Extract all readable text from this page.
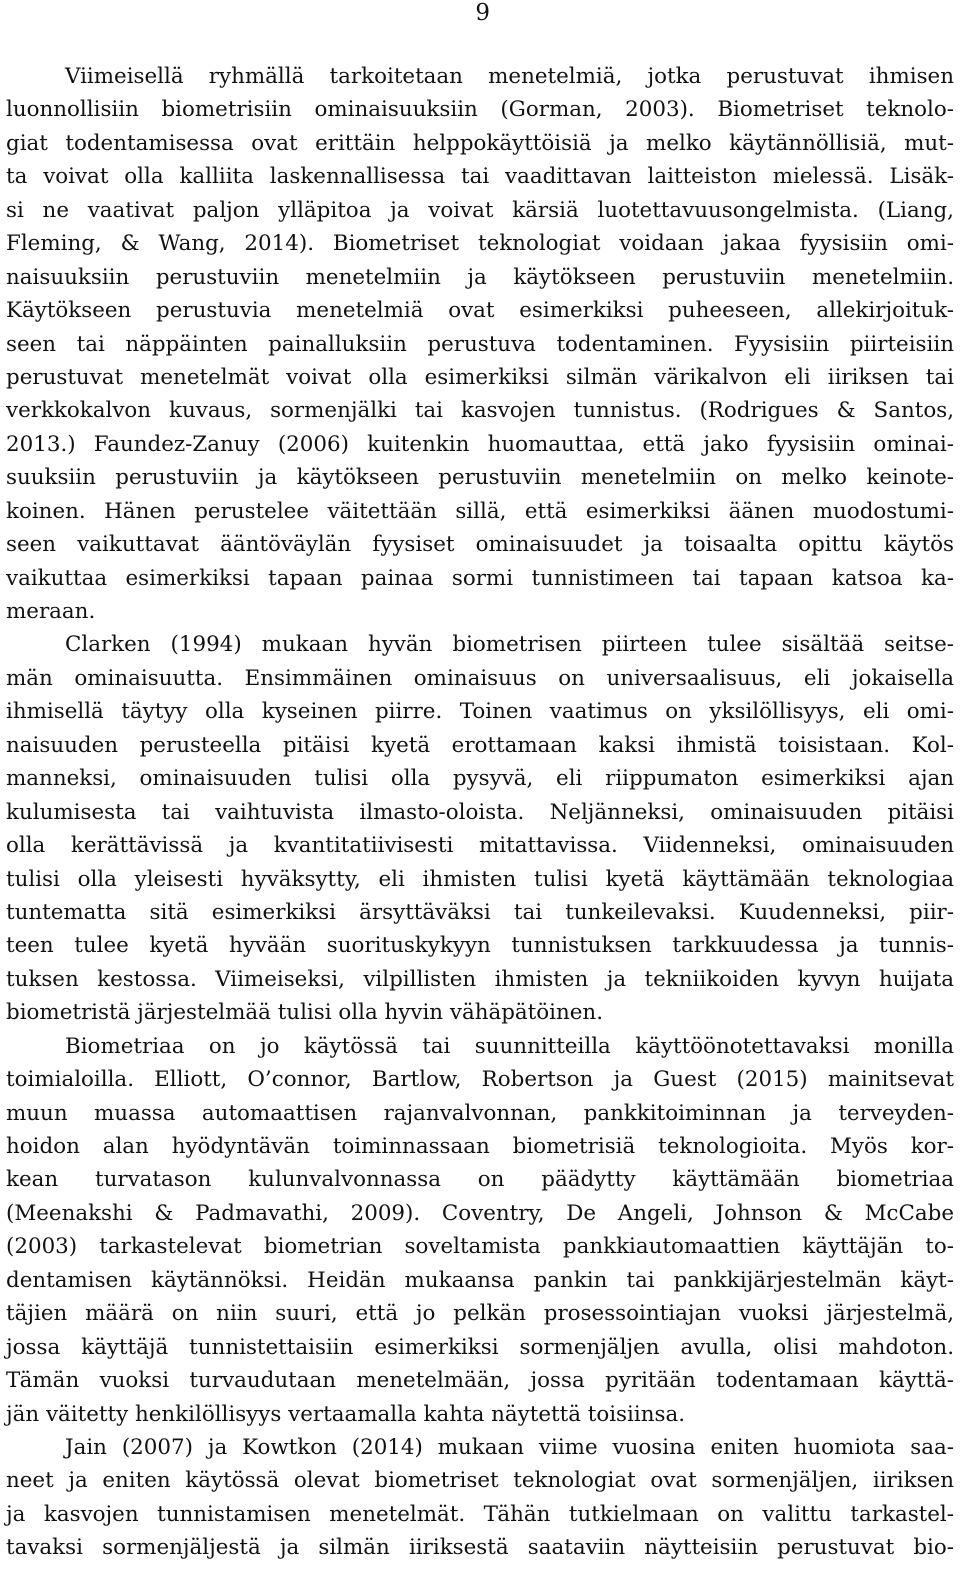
9
Viimeisellä ryhmällä tarkoitetaan menetelmiä, jotka perustuvat ihmisen
luonnollisiin biometrisiin ominaisuuksiin (Gorman, 2003). Biometriset teknolo-
giat todentamisessa ovat erittäin helppokäyttöisiä ja melko käytännöllisiä, mut-
ta voivat olla kalliita laskennallisessa tai vaadittavan laitteiston mielessä. Lisäk-
si ne vaativat paljon ylläpitoa ja voivat kärsiä luotettavuusongelmista. (Liang,
Fleming, & Wang, 2014). Biometriset teknologiat voidaan jakaa fyysisiin omi-
naisuuksiin perustuviin menetelmiin ja käytökseen perustuviin menetelmiin.
Käytökseen perustuvia menetelmiä ovat esimerkiksi puheeseen, allekirjoituk-
seen tai näppäinten painalluksiin perustuva todentaminen. Fyysisiin piirteisiin
perustuvat menetelmät voivat olla esimerkiksi silmän värikalvon eli iiriksen tai
verkkokalvon kuvaus, sormenjälki tai kasvojen tunnistus. (Rodrigues & Santos,
2013.) Faundez-Zanuy (2006) kuitenkin huomauttaa, että jako fyysisiin ominai-
suuksiin perustuviin ja käytökseen perustuviin menetelmiin on melko keinote-
koinen. Hänen perustelee väitettään sillä, että esimerkiksi äänen muodostumi-
seen vaikuttavat ääntöväylän fyysiset ominaisuudet ja toisaalta opittu käytös
vaikuttaa esimerkiksi tapaan painaa sormi tunnistimeen tai tapaan katsoa ka-
meraan.
Clarken (1994) mukaan hyvän biometrisen piirteen tulee sisältää seitse-
män ominaisuutta. Ensimmäinen ominaisuus on universaalisuus, eli jokaisella
ihmisellä täytyy olla kyseinen piirre. Toinen vaatimus on yksilöllisyys, eli omi-
naisuuden perusteella pitäisi kyetä erottamaan kaksi ihmistä toisistaan. Kol-
manneksi, ominaisuuden tulisi olla pysyvä, eli riippumaton esimerkiksi ajan
kulumisesta tai vaihtuvista ilmasto-oloista. Neljänneksi, ominaisuuden pitäisi
olla kerättävissä ja kvantitatiivisesti mitattavissa. Viidenneksi, ominaisuuden
tulisi olla yleisesti hyväksytty, eli ihmisten tulisi kyetä käyttämään teknologiaa
tuntematta sitä esimerkiksi ärsyttäväksi tai tunkeilevaksi. Kuudenneksi, piir-
teen tulee kyetä hyvään suorituskykyyn tunnistuksen tarkkuudessa ja tunnis-
tuksen kestossa. Viimeiseksi, vilpillisten ihmisten ja tekniikoiden kyvyn huijata
biometristä järjestelmää tulisi olla hyvin vähäpätöinen.
Biometriaa on jo käytössä tai suunnitteilla käyttöönotettavaksi monilla
toimialoilla. Elliott, O’connor, Bartlow, Robertson ja Guest (2015) mainitsevat
muun muassa automaattisen rajanvalvonnan, pankkitoiminnan ja terveyden-
hoidon alan hyödyntävän toiminnassaan biometrisiä teknologioita. Myös kor-
kean turvatason kulunvalvonnassa on päädytty käyttämään biometriaa
(Meenakshi & Padmavathi, 2009). Coventry, De Angeli, Johnson & McCabe
(2003) tarkastelevat biometrian soveltamista pankkiautomaattien käyttäjän to-
dentamisen käytännöksi. Heidän mukaansa pankin tai pankkijärjestelmän käyt-
täjien määrä on niin suuri, että jo pelkän prosessointiajan vuoksi järjestelmä,
jossa käyttäjä tunnistettaisiin esimerkiksi sormenjäljen avulla, olisi mahdoton.
Tämän vuoksi turvaudutaan menetelmään, jossa pyritään todentamaan käyttä-
jän väitetty henkilöllisyys vertaamalla kahta näytettä toisiinsa.
Jain (2007) ja Kowtkon (2014) mukaan viime vuosina eniten huomiota saa-
neet ja eniten käytössä olevat biometriset teknologiat ovat sormenjäljen, iiriksen
ja kasvojen tunnistamisen menetelmät. Tähän tutkielmaan on valittu tarkastel-
tavaksi sormenjäljestä ja silmän iiriksestä saataviin näytteisiin perustuvat bio-
